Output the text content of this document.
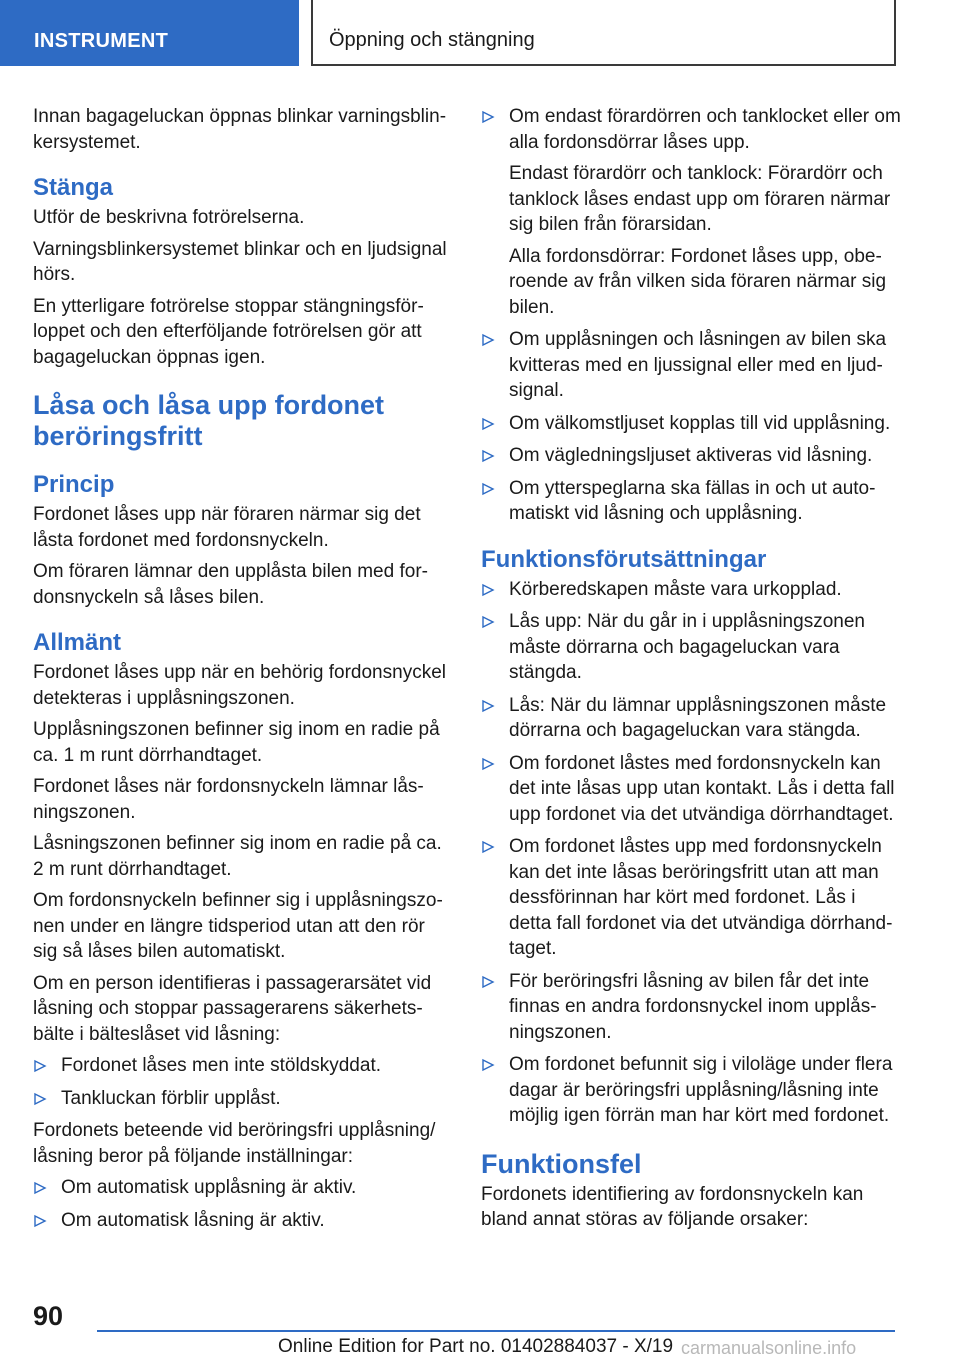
INSTRUMENT	Öppning och stängning

Innan bagageluckan öppnas blinkar varningsblinkersystemet.

Stänga

Utför de beskrivna fotrörelserna.

Varningsblinkersystemet blinkar och en ljudsignal hörs.

En ytterligare fotrörelse stoppar stängningsförloppet och den efterföljande fotrörelsen gör att bagageluckan öppnas igen.

Låsa och låsa upp fordonet beröringsfritt
Princip

Fordonet låses upp när föraren närmar sig det låsta fordonet med fordonsnyckeln.

Om föraren lämnar den upplåsta bilen med fordonsnyckeln så låses bilen.

Allmänt

Fordonet låses upp när en behörig fordonsnyckel detekteras i upplåsningszonen.

Upplåsningszonen befinner sig inom en radie på ca. 1 m runt dörrhandtaget.

Fordonet låses när fordonsnyckeln lämnar låsningszonen.

Låsningszonen befinner sig inom en radie på ca. 2 m runt dörrhandtaget.

Om fordonsnyckeln befinner sig i upplåsningszonen under en längre tidsperiod utan att den rör sig så låses bilen automatiskt.

Om en person identifieras i passagerarsätet vid låsning och stoppar passagerarens säkerhetsbälte i bälteslåset vid låsning:

Fordonet låses men inte stöldskyddat.
Tankluckan förblir upplåst.

Fordonets beteende vid beröringsfri upplåsning/ låsning beror på följande inställningar:

Om automatisk upplåsning är aktiv.
Om automatisk låsning är aktiv.
Om endast förardörren och tanklocket eller om alla fordonsdörrar låses upp.
Endast förardörr och tanklock: Förardörr och tanklock låses endast upp om föraren närmar sig bilen från förarsidan.
Alla fordonsdörrar: Fordonet låses upp, oberoende av från vilken sida föraren närmar sig bilen.
Om upplåsningen och låsningen av bilen ska kvitteras med en ljussignal eller med en ljudsignal.
Om välkomstljuset kopplas till vid upplåsning.
Om vägledningsljuset aktiveras vid låsning.
Om ytterspeglarna ska fällas in och ut automatiskt vid låsning och upplåsning.
Funktionsförutsättningar
Körberedskapen måste vara urkopplad.
Lås upp: När du går in i upplåsningszonen måste dörrarna och bagageluckan vara stängda.
Lås: När du lämnar upplåsningszonen måste dörrarna och bagageluckan vara stängda.
Om fordonet låstes med fordonsnyckeln kan det inte låsas upp utan kontakt. Lås i detta fall upp fordonet via det utvändiga dörrhandtaget.
Om fordonet låstes upp med fordonsnyckeln kan det inte låsas beröringsfritt utan att man dessförinnan har kört med fordonet. Lås i detta fall fordonet via det utvändiga dörrhandtaget.
För beröringsfri låsning av bilen får det inte finnas en andra fordonsnyckel inom upplåsningszonen.
Om fordonet befunnit sig i viloläge under flera dagar är beröringsfri upplåsning/låsning inte möjlig igen förrän man har kört med fordonet.
Funktionsfel

Fordonets identifiering av fordonsnyckeln kan bland annat störas av följande orsaker:

90
Online Edition for Part no. 01402884037 - X/19 carmanualsonline.info
